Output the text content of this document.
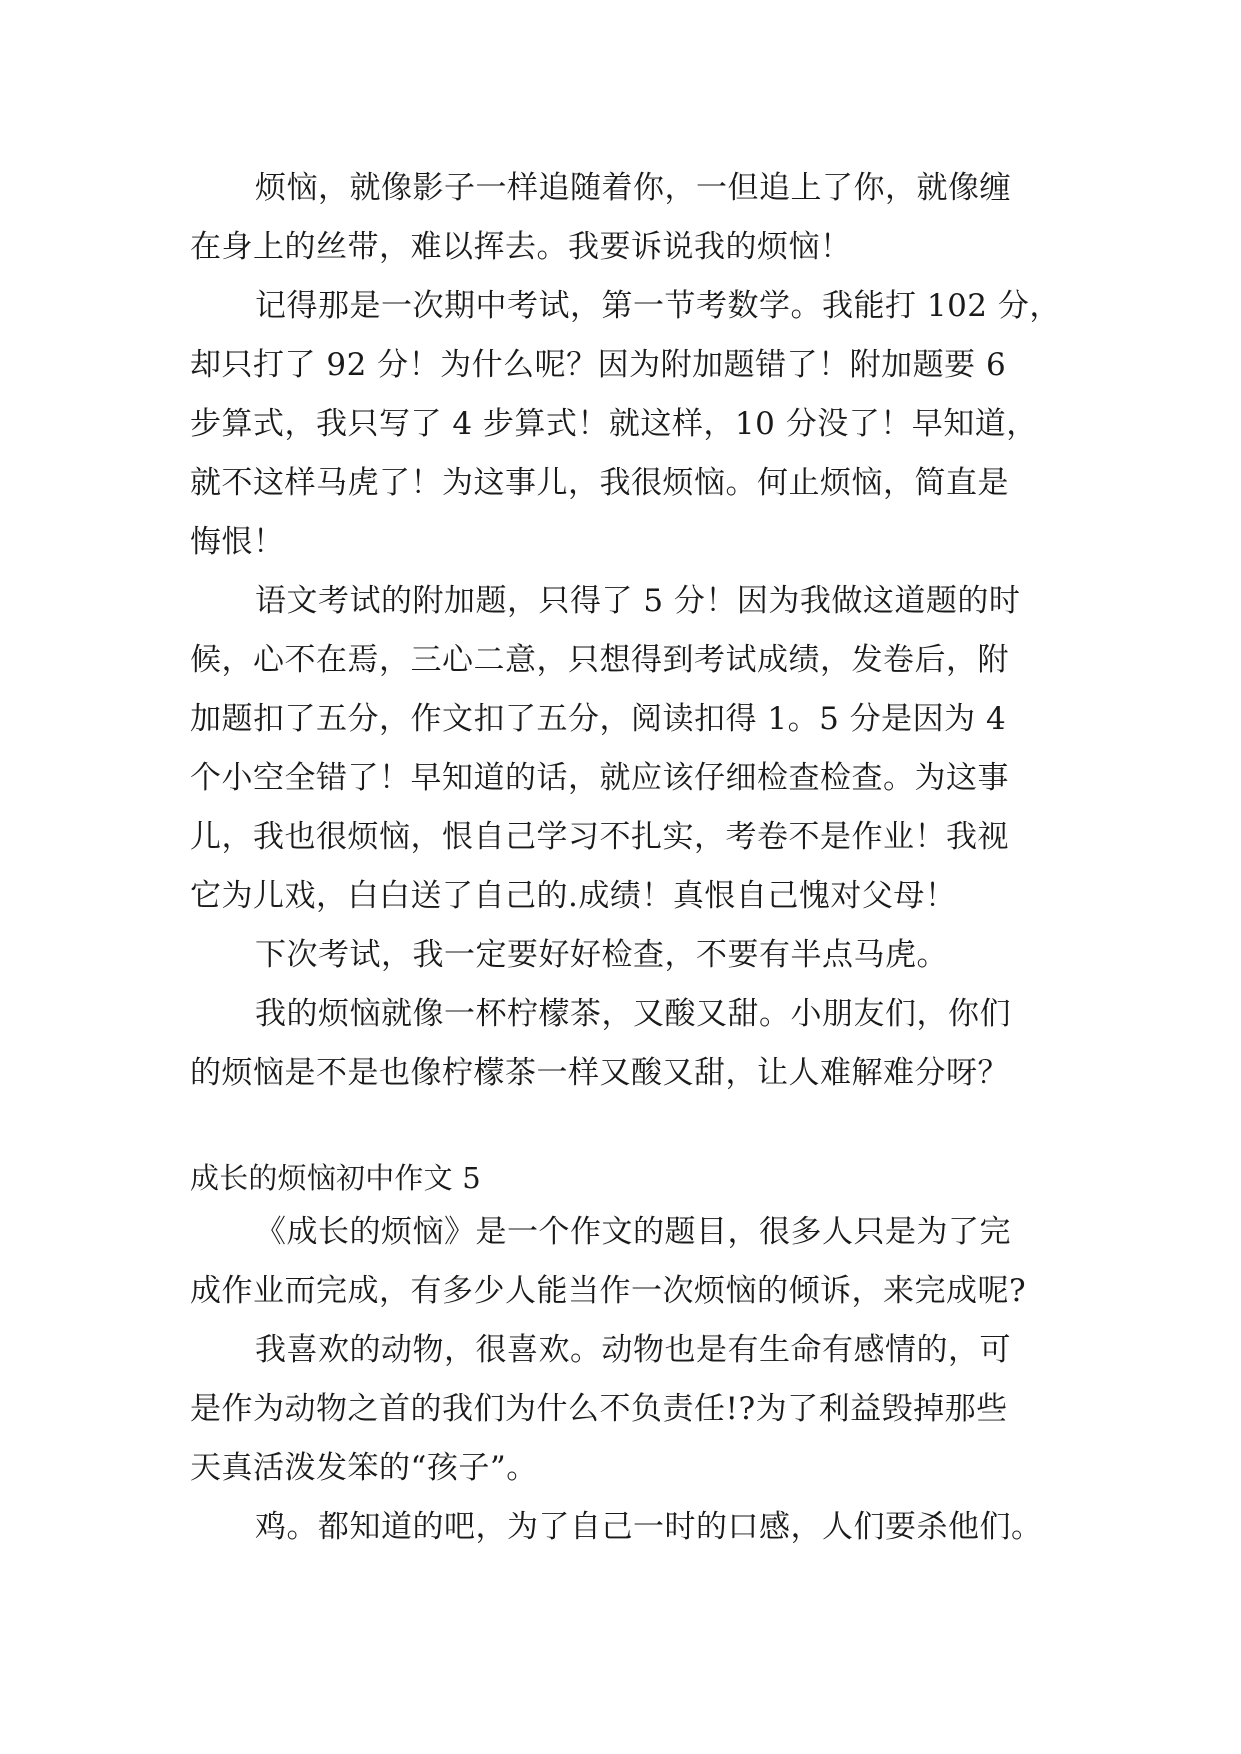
烦恼，就像影子一样追随着你，一但追上了你，就像缠
在身上的丝带，难以挥去。我要诉说我的烦恼！
记得那是一次期中考试，第一节考数学。我能打 102 分，
却只打了 92 分！为什么呢？因为附加题错了！附加题要 6
步算式，我只写了 4 步算式！就这样，10 分没了！早知道，
就不这样马虎了！为这事儿，我很烦恼。何止烦恼，简直是
悔恨！
语文考试的附加题，只得了 5 分！因为我做这道题的时
候，心不在焉，三心二意，只想得到考试成绩，发卷后，附
加题扣了五分，作文扣了五分，阅读扣得 1。5 分是因为 4
个小空全错了！早知道的话，就应该仔细检查检查。为这事
儿，我也很烦恼，恨自己学习不扎实，考卷不是作业！我视
它为儿戏，白白送了自己的.成绩！真恨自己愧对父母！
下次考试，我一定要好好检查，不要有半点马虎。
我的烦恼就像一杯柠檬茶，又酸又甜。小朋友们，你们
的烦恼是不是也像柠檬茶一样又酸又甜，让人难解难分呀？
成长的烦恼初中作文 5
《成长的烦恼》是一个作文的题目，很多人只是为了完
成作业而完成，有多少人能当作一次烦恼的倾诉，来完成呢?
我喜欢的动物，很喜欢。动物也是有生命有感情的，可
是作为动物之首的我们为什么不负责任!?为了利益毁掉那些
天真活泼发笨的“孩子”。
鸡。都知道的吧，为了自己一时的口感，人们要杀他们。
